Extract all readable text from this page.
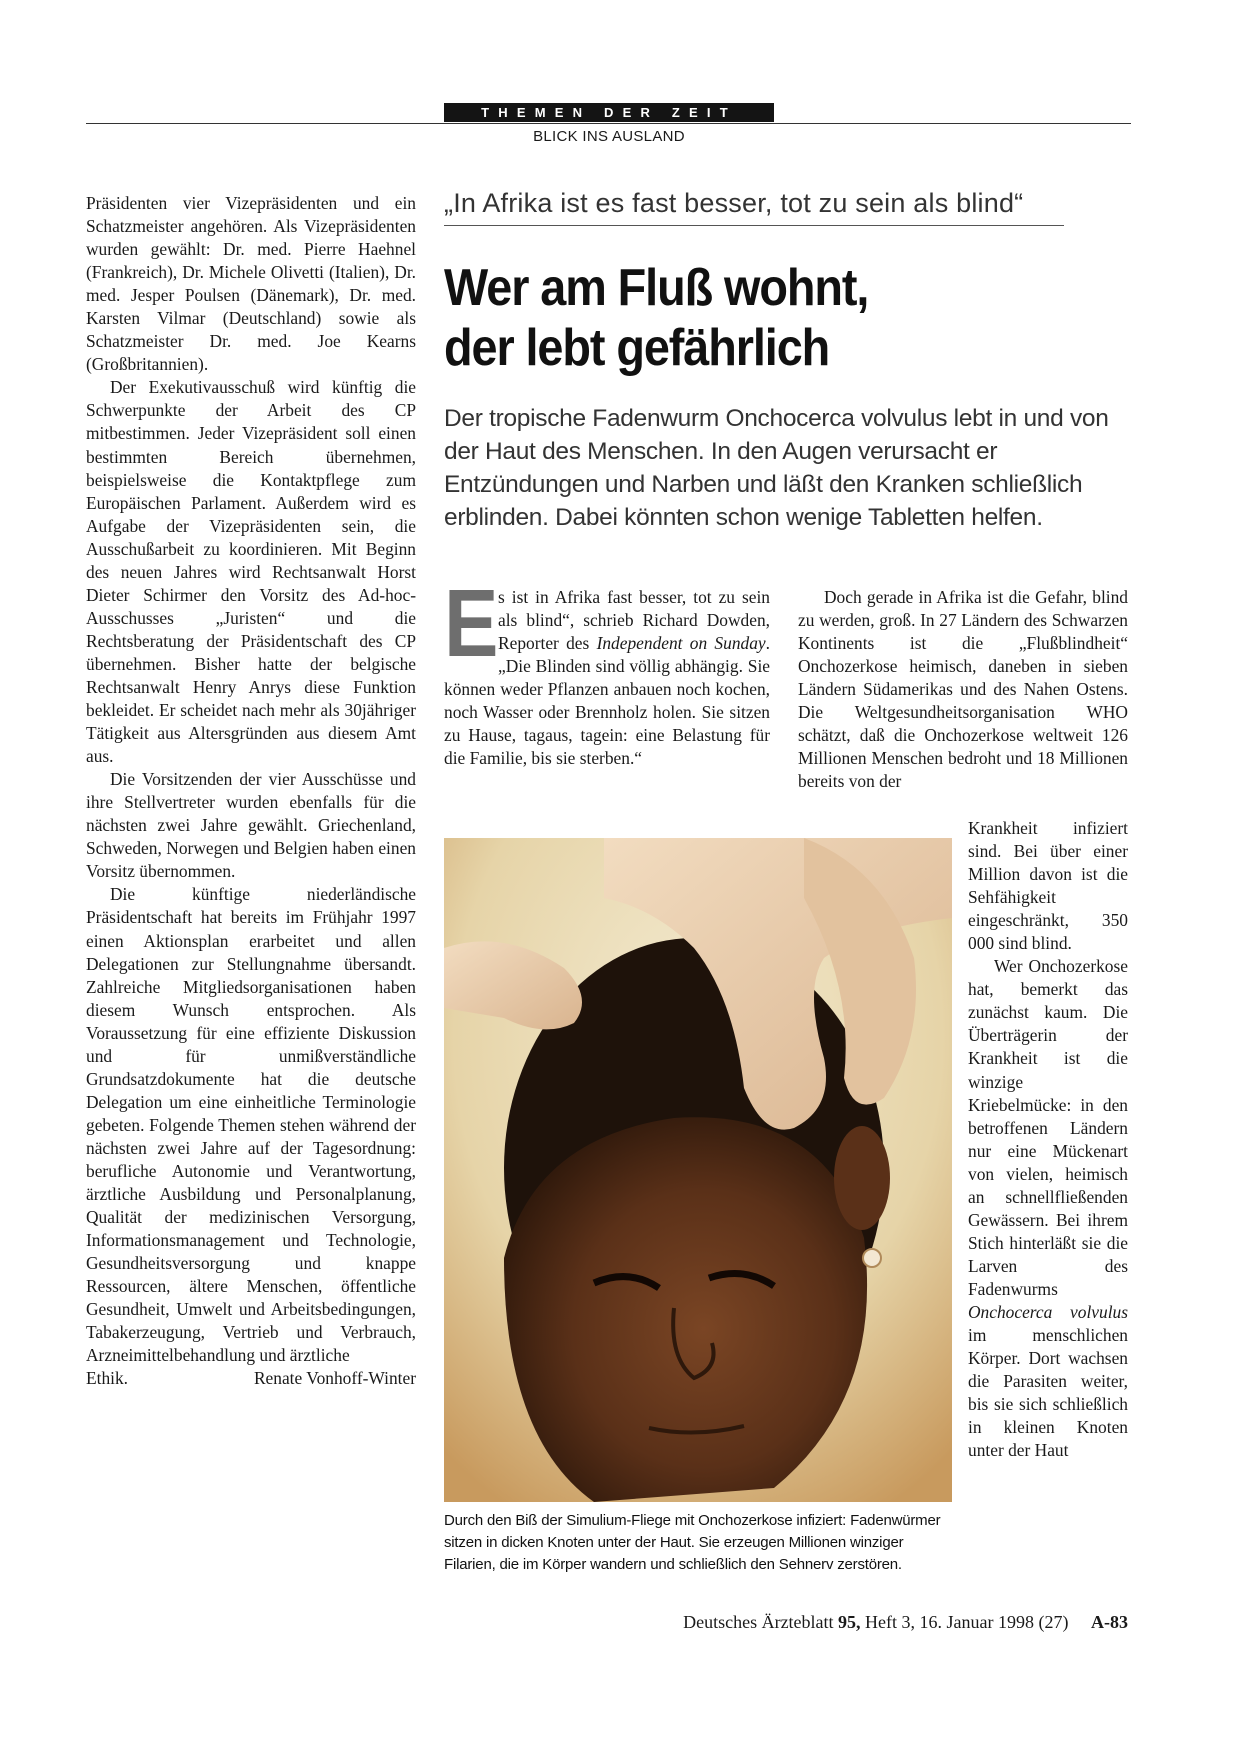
THEMEN DER ZEIT
BLICK INS AUSLAND

Präsidenten vier Vizepräsidenten und ein Schatzmeister angehören. Als Vizepräsidenten wurden gewählt: Dr. med. Pierre Haehnel (Frankreich), Dr. Michele Olivetti (Italien), Dr. med. Jesper Poulsen (Dänemark), Dr. med. Karsten Vilmar (Deutschland) sowie als Schatzmeister Dr. med. Joe Kearns (Großbritannien).

Der Exekutivausschuß wird künftig die Schwerpunkte der Arbeit des CP mitbestimmen. Jeder Vizepräsident soll einen bestimmten Bereich übernehmen, beispielsweise die Kontaktpflege zum Europäischen Parlament. Außerdem wird es Aufgabe der Vizepräsidenten sein, die Ausschußarbeit zu koordinieren. Mit Beginn des neuen Jahres wird Rechtsanwalt Horst Dieter Schirmer den Vorsitz des Ad-hoc-Ausschusses „Juristen“ und die Rechtsberatung der Präsidentschaft des CP übernehmen. Bisher hatte der belgische Rechtsanwalt Henry Anrys diese Funktion bekleidet. Er scheidet nach mehr als 30jähriger Tätigkeit aus Altersgründen aus diesem Amt aus.

Die Vorsitzenden der vier Ausschüsse und ihre Stellvertreter wurden ebenfalls für die nächsten zwei Jahre gewählt. Griechenland, Schweden, Norwegen und Belgien haben einen Vorsitz übernommen.

Die künftige niederländische Präsidentschaft hat bereits im Frühjahr 1997 einen Aktionsplan erarbeitet und allen Delegationen zur Stellungnahme übersandt. Zahlreiche Mitgliedsorganisationen haben diesem Wunsch entsprochen. Als Voraussetzung für eine effiziente Diskussion und für unmißverständliche Grundsatzdokumente hat die deutsche Delegation um eine einheitliche Terminologie gebeten. Folgende Themen stehen während der nächsten zwei Jahre auf der Tagesordnung: berufliche Autonomie und Verantwortung, ärztliche Ausbildung und Personalplanung, Qualität der medizinischen Versorgung, Informationsmanagement und Technologie, Gesundheitsversorgung und knappe Ressourcen, ältere Menschen, öffentliche Gesundheit, Umwelt und Arbeitsbedingungen, Tabakerzeugung, Vertrieb und Verbrauch, Arzneimittelbehandlung und ärztliche

Ethik.	Renate Vonhoff-Winter
„In Afrika ist es fast besser, tot zu sein als blind“
Wer am Fluß wohnt,
der lebt gefährlich
Der tropische Fadenwurm Onchocerca volvulus lebt in und von der Haut des Menschen. In den Augen verursacht er Entzündungen und Narben und läßt den Kranken schließlich erblinden. Dabei könnten schon wenige Tabletten helfen.

Es ist in Afrika fast besser, tot zu sein als blind“, schrieb Richard Dowden, Reporter des Independent on Sunday. „Die Blinden sind völlig abhängig. Sie können weder Pflanzen anbauen noch kochen, noch Wasser oder Brennholz holen. Sie sitzen zu Hause, tagaus, tagein: eine Belastung für die Familie, bis sie sterben.“

Doch gerade in Afrika ist die Gefahr, blind zu werden, groß. In 27 Ländern des Schwarzen Kontinents ist die „Flußblindheit“ Onchozerkose heimisch, daneben in sieben Ländern Südamerikas und des Nahen Ostens. Die Weltgesundheitsorganisation WHO schätzt, daß die Onchozerkose weltweit 126 Millionen Menschen bedroht und 18 Millionen bereits von der

Krankheit infiziert sind. Bei über einer Million davon ist die Sehfähigkeit eingeschränkt, 350 000 sind blind.

Wer Onchozerkose hat, bemerkt das zunächst kaum. Die Überträgerin der Krankheit ist die winzige Kriebelmücke: in den betroffenen Ländern nur eine Mückenart von vielen, heimisch an schnellfließenden Gewässern. Bei ihrem Stich hinterläßt sie die Larven des Fadenwurms Onchocerca volvulus im menschlichen Körper. Dort wachsen die Parasiten weiter, bis sie sich schließlich in kleinen Knoten unter der Haut

Durch den Biß der Simulium-Fliege mit Onchozerkose infiziert: Fadenwürmer sitzen in dicken Knoten unter der Haut. Sie erzeugen Millionen winziger Filarien, die im Körper wandern und schließlich den Sehnerv zerstören.
Deutsches Ärzteblatt 95, Heft 3, 16. Januar 1998 (27) A-83
